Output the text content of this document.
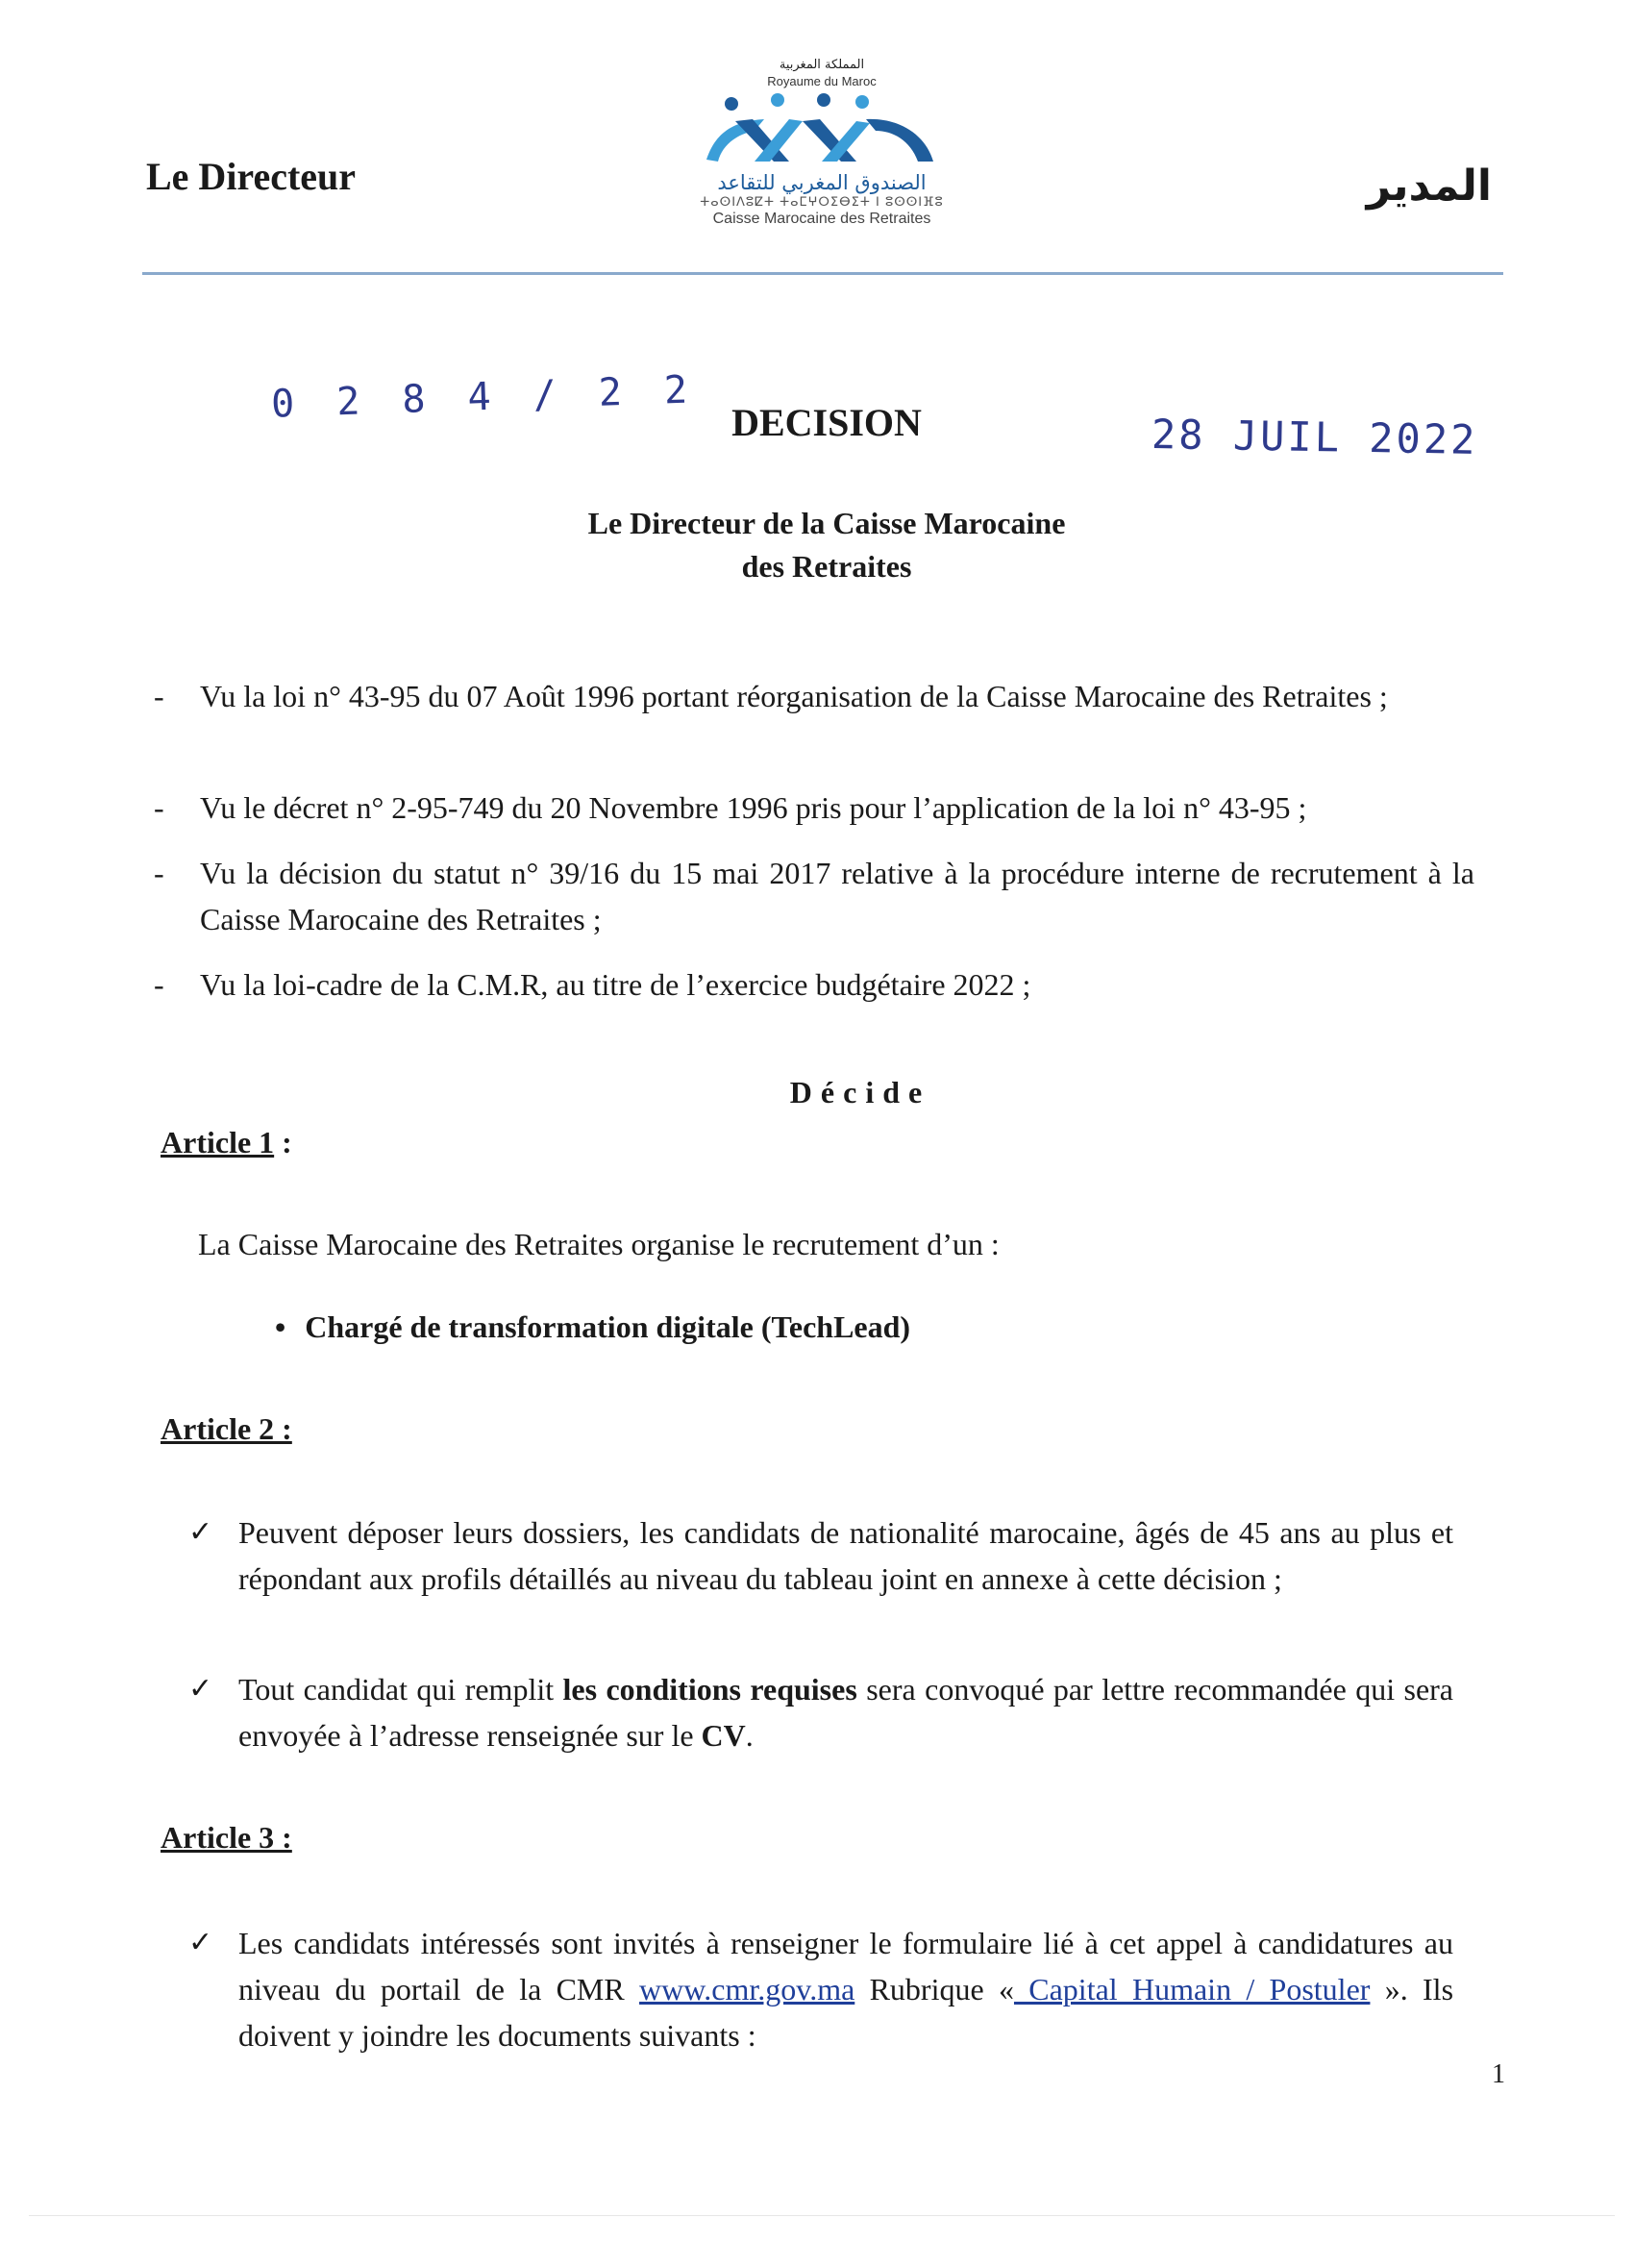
Le Directeur	المدير
المملكة المغربية
Royaume du Maroc
الصندوق المغربي للتقاعد
ⵜⴰⵙⵏⴷⵓⵇⵜ ⵜⴰⵎⵖⵔⵉⴱⵉⵜ ⵏ ⵓⵙⵙⵏⴼⵓ
Caisse Marocaine des Retraites
0 2 8 4 / 2 2 DECISION	28 JUIL 2022
Le Directeur de la Caisse Marocaine
des Retraites
- Vu la loi n° 43-95 du 07 Août 1996 portant réorganisation de la Caisse Marocaine des Retraites ;
- Vu le décret n° 2-95-749 du 20 Novembre 1996 pris pour l’application de la loi n° 43-95 ;
- Vu la décision du statut n° 39/16 du 15 mai 2017 relative à la procédure interne de recrutement à la Caisse Marocaine des Retraites ;
- Vu la loi-cadre de la C.M.R, au titre de l’exercice budgétaire 2022 ;
Décide
Article 1 :
La Caisse Marocaine des Retraites organise le recrutement d’un :
• Chargé de transformation digitale (TechLead)
Article 2 :
✓ Peuvent déposer leurs dossiers, les candidats de nationalité marocaine, âgés de 45 ans au plus et répondant aux profils détaillés au niveau du tableau joint en annexe à cette décision ;
✓ Tout candidat qui remplit les conditions requises sera convoqué par lettre recommandée qui sera envoyée à l’adresse renseignée sur le CV.
Article 3 :
✓ Les candidats intéressés sont invités à renseigner le formulaire lié à cet appel à candidatures au niveau du portail de la CMR www.cmr.gov.ma Rubrique « Capital Humain / Postuler ». Ils doivent y joindre les documents suivants :
1
